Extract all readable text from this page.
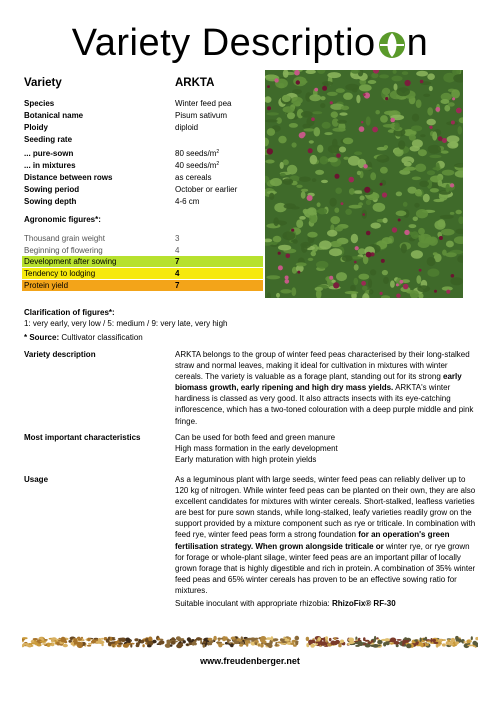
Variety Descriptio n
Variety	ARKTA
Species	Winter feed pea
Botanical name	Pisum sativum
Ploidy	diploid
Seeding rate
... pure-sown	80 seeds/$m^2$
... in mixtures	40 seeds/$m^2$
Distance between rows	as cereals
Sowing period	October or earlier
Sowing depth	4-6 cm
Agronomic figures*:
Thousand grain weight	3
Beginning of flowering	4
Development after sowing	7
Tendency to lodging	4
Protein yield	7
Clarification of figures*:
1: very early, very low / 5: medium / 9: very late, very high
* Source: Cultivator classification
Variety description	ARKTA belongs to the group of winter feed peas characterised by their long-stalked straw and normal leaves, making it ideal for cultivation in mixtures with winter cereals. The variety is valuable as a forage plant, standing out for its strong early biomass growth, early ripening and high dry mass yields. ARKTA's winter hardiness is classed as very good. It also attracts insects with its eye-catching inflorescence, which has a two-toned colouration with a deep purple middle and pink fringe.
Most important characteristics	Can be used for both feed and green manure
High mass formation in the early development
Early maturation with high protein yields
Usage	As a leguminous plant with large seeds, winter feed peas can reliably deliver up to 120 kg of nitrogen. While winter feed peas can be planted on their own, they are also excellent candidates for mixtures with winter cereals. Short-stalked, leafless varieties are best for pure sown stands, while long-stalked, leafy varieties readily grow on the support provided by a mixture component such as rye or triticale. In combination with feed rye, winter feed peas form a strong foundation for an operation's green fertilisation strategy. When grown alongside triticale or winter rye, or rye grown for forage or whole-plant silage, winter feed peas are an important pillar of locally grown forage that is highly digestible and rich in protein. A combination of 35% winter feed peas and 65% winter cereals has proven to be an effective sowing ratio for mixtures.
Suitable inoculant with appropriate rhizobia: RhizoFix® RF-30
www.freudenberger.net
